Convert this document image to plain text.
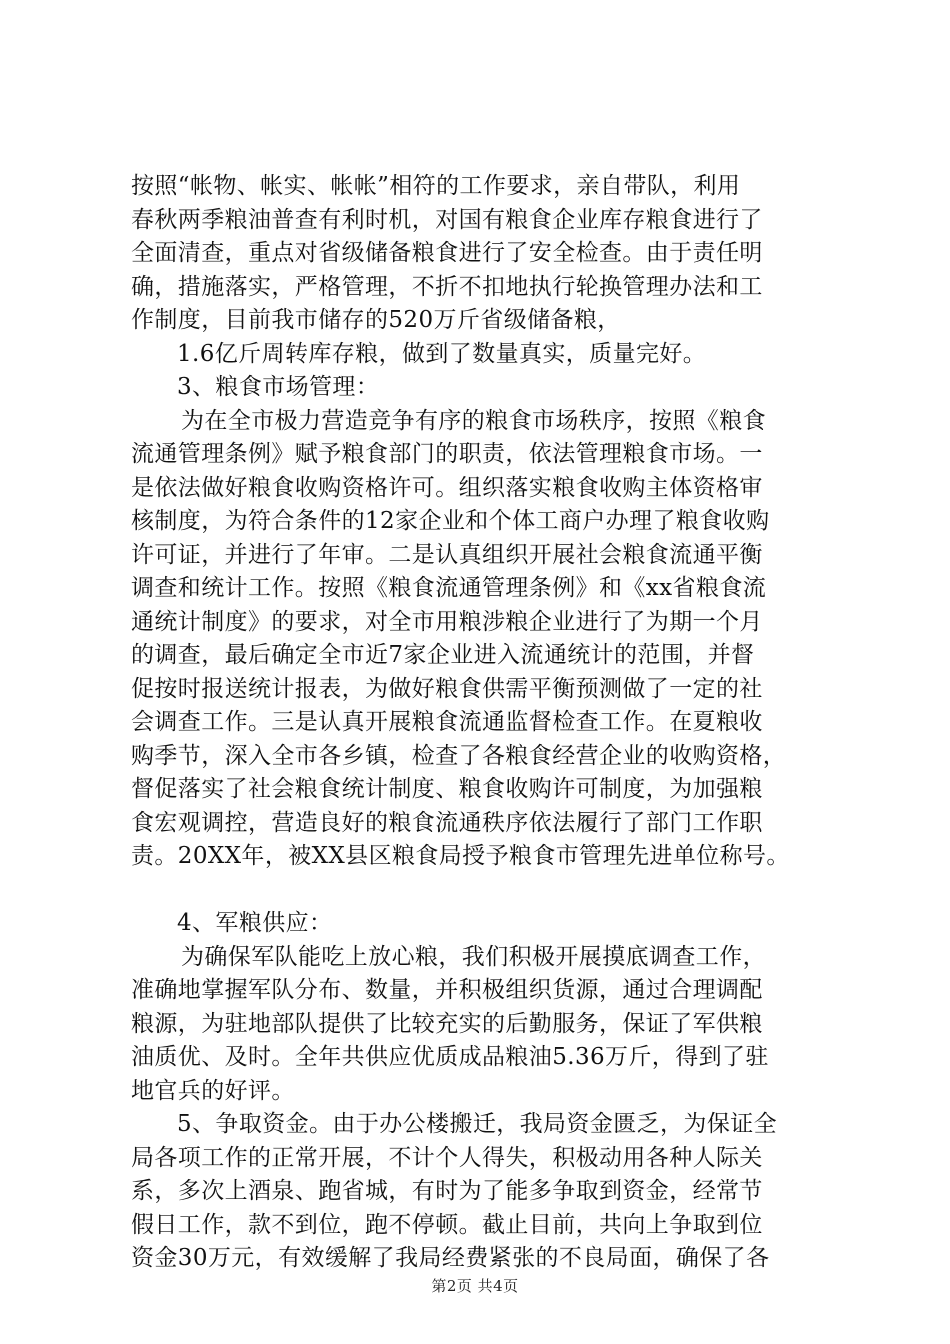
按照“帐物、帐实、帐帐”相符的工作要求，亲自带队，利用
春秋两季粮油普查有利时机，对国有粮食企业库存粮食进行了
全面清查，重点对省级储备粮食进行了安全检查。由于责任明
确，措施落实，严格管理，不折不扣地执行轮换管理办法和工
作制度，目前我市储存的520万斤省级储备粮，
1.6亿斤周转库存粮，做到了数量真实，质量完好。
3、粮食市场管理：
为在全市极力营造竞争有序的粮食市场秩序，按照《粮食
流通管理条例》赋予粮食部门的职责，依法管理粮食市场。一
是依法做好粮食收购资格许可。组织落实粮食收购主体资格审
核制度，为符合条件的12家企业和个体工商户办理了粮食收购
许可证，并进行了年审。二是认真组织开展社会粮食流通平衡
调查和统计工作。按照《粮食流通管理条例》和《xx省粮食流
通统计制度》的要求，对全市用粮涉粮企业进行了为期一个月
的调查，最后确定全市近7家企业进入流通统计的范围，并督
促按时报送统计报表，为做好粮食供需平衡预测做了一定的社
会调查工作。三是认真开展粮食流通监督检查工作。在夏粮收
购季节，深入全市各乡镇，检查了各粮食经营企业的收购资格，
督促落实了社会粮食统计制度、粮食收购许可制度，为加强粮
食宏观调控，营造良好的粮食流通秩序依法履行了部门工作职
责。20XX年，被XX县区粮食局授予粮食市管理先进单位称号。
4、军粮供应：
为确保军队能吃上放心粮，我们积极开展摸底调查工作，
准确地掌握军队分布、数量，并积极组织货源，通过合理调配
粮源，为驻地部队提供了比较充实的后勤服务，保证了军供粮
油质优、及时。全年共供应优质成品粮油5.36万斤，得到了驻
地官兵的好评。
5、争取资金。由于办公楼搬迁，我局资金匮乏，为保证全
局各项工作的正常开展，不计个人得失，积极动用各种人际关
系，多次上酒泉、跑省城，有时为了能多争取到资金，经常节
假日工作，款不到位，跑不停顿。截止目前，共向上争取到位
资金30万元，有效缓解了我局经费紧张的不良局面，确保了各
第2页 共4页
